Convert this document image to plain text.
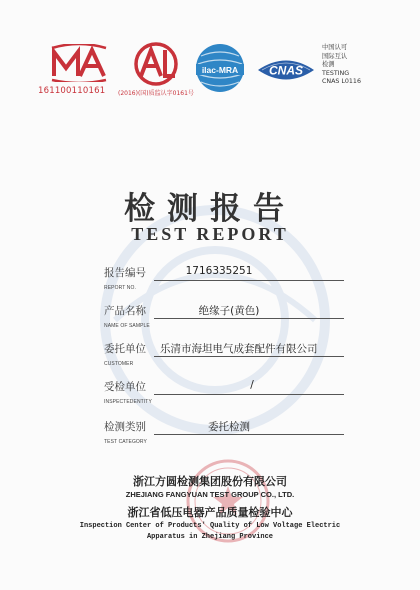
MA
161100110161
AL
(2016)(国)质监认字0161号
ilac-MRA	CNAS
中国认可
国际互认
检测
TESTING
CNAS L0116
检测报告
TEST REPORT
报告编号
REPORT NO.
1716335251
产品名称
NAME OF SAMPLE
绝缘子(黄色)
委托单位
CUSTOMER
乐清市海坦电气成套配件有限公司
受检单位
INSPECTEDENTITY
/
检测类别
TEST CATEGORY
委托检测
浙江方圆检测集团股份有限公司
ZHEJIANG FANGYUAN TEST GROUP CO., LTD.
浙江省低压电器产品质量检验中心
Inspection Center of Products' Quality of Low Voltage Electric
Apparatus in Zhejiang Province
